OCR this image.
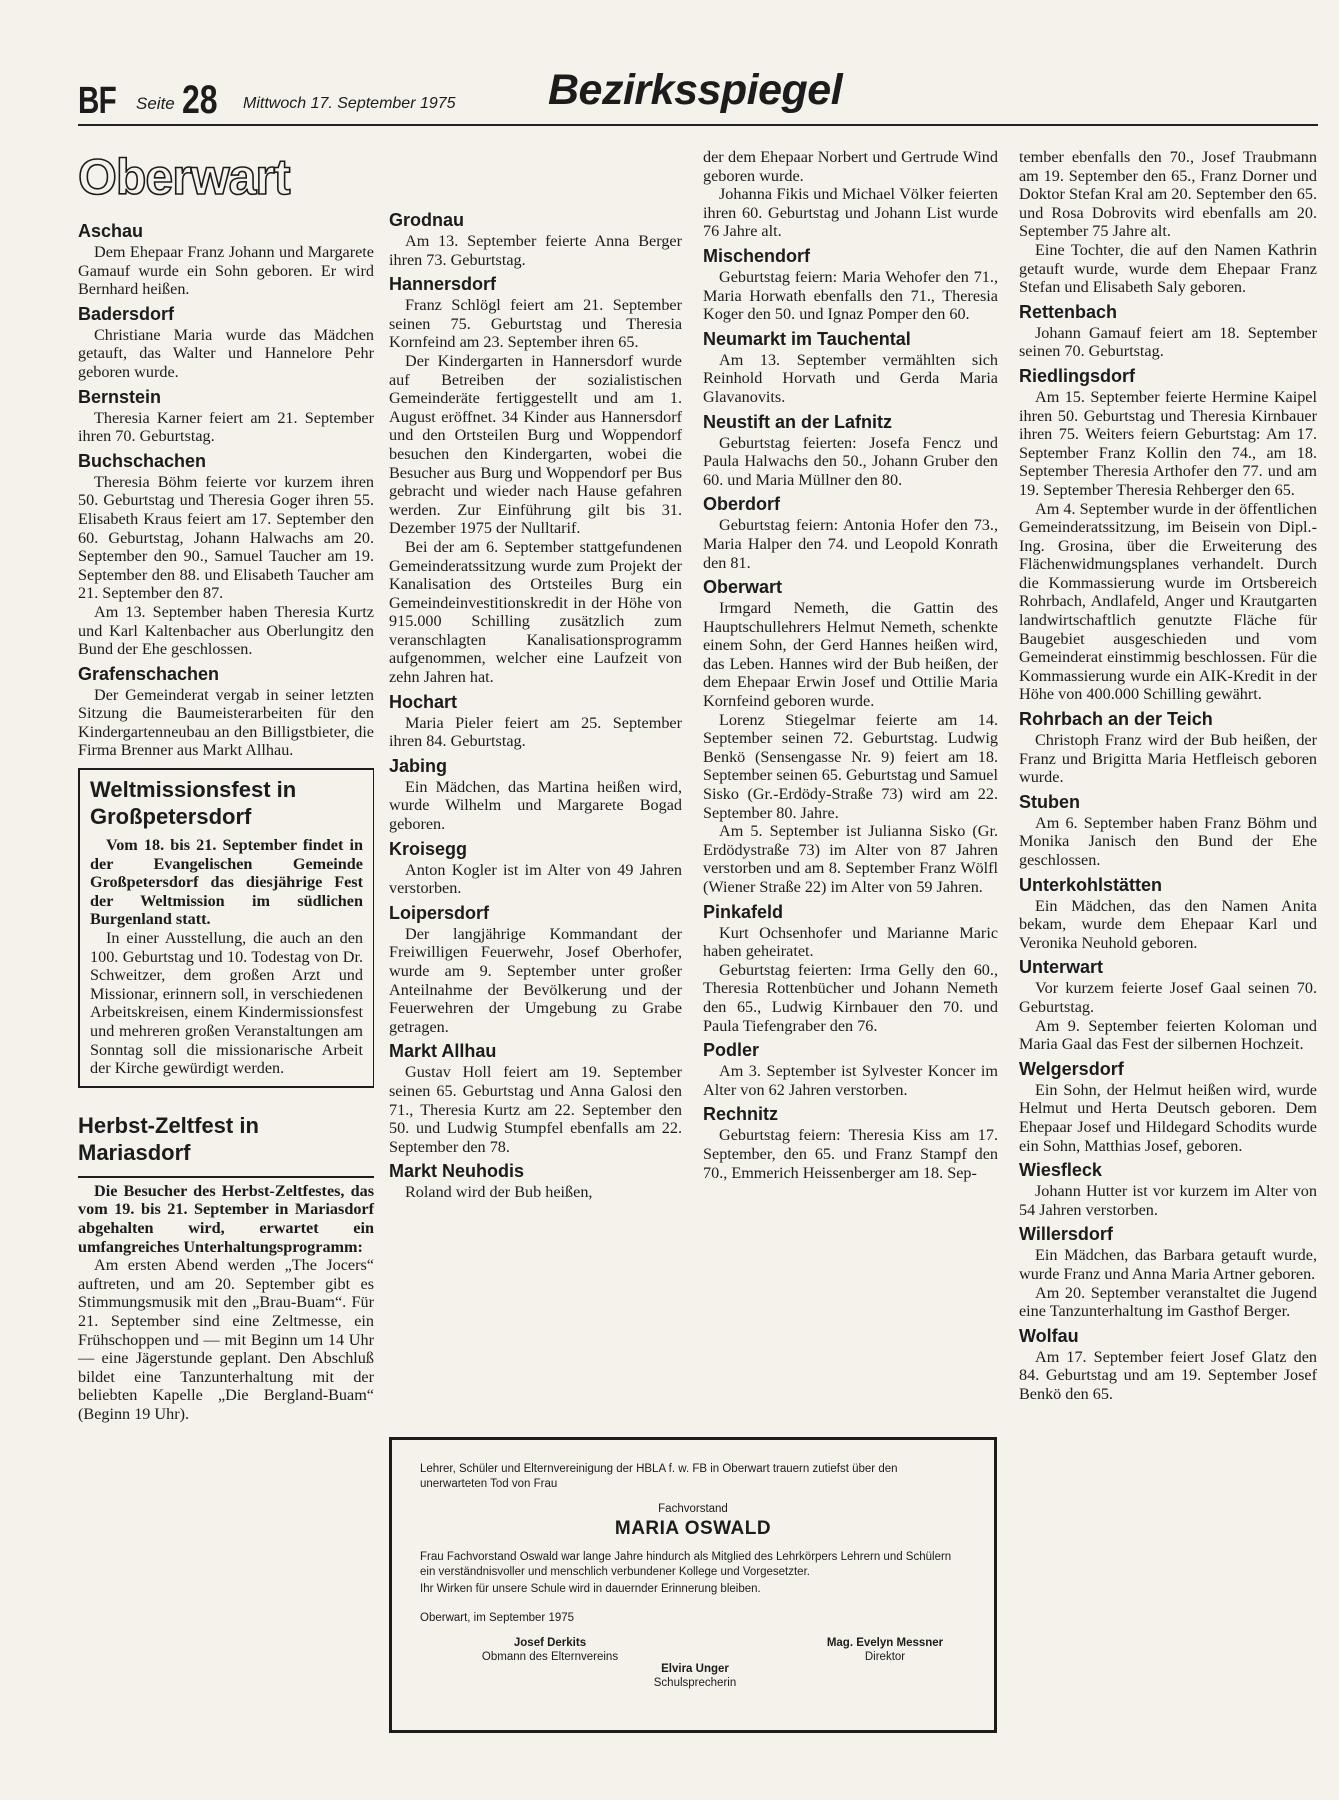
BF Seite 28 Mittwoch 17. September 1975 Bezirksspiegel
Oberwart
Aschau
Dem Ehepaar Franz Johann und Margarete Gamauf wurde ein Sohn geboren. Er wird Bernhard heißen.
Badersdorf
Christiane Maria wurde das Mädchen getauft, das Walter und Hannelore Pehr geboren wurde.
Bernstein
Theresia Karner feiert am 21. September ihren 70. Geburtstag.
Buchschachen
Theresia Böhm feierte vor kurzem ihren 50. Geburtstag und Theresia Goger ihren 55. Elisabeth Kraus feiert am 17. September den 60. Geburtstag, Johann Halwachs am 20. September den 90., Samuel Taucher am 19. September den 88. und Elisabeth Taucher am 21. September den 87.
Am 13. September haben Theresia Kurtz und Karl Kaltenbacher aus Oberlungitz den Bund der Ehe geschlossen.
Grafenschachen
Der Gemeinderat vergab in seiner letzten Sitzung die Baumeisterarbeiten für den Kindergartenneubau an den Billigstbieter, die Firma Brenner aus Markt Allhau.
Weltmissionsfest in Großpetersdorf
Vom 18. bis 21. September findet in der Evangelischen Gemeinde Großpetersdorf das diesjährige Fest der Weltmission im südlichen Burgenland statt.
In einer Ausstellung, die auch an den 100. Geburtstag und 10. Todestag von Dr. Schweitzer, dem großen Arzt und Missionar, erinnern soll, in verschiedenen Arbeitskreisen, einem Kindermissionsfest und mehreren großen Veranstaltungen am Sonntag soll die missionarische Arbeit der Kirche gewürdigt werden.
Herbst-Zeltfest in Mariasdorf
Die Besucher des Herbst-Zeltfestes, das vom 19. bis 21. September in Mariasdorf abgehalten wird, erwartet ein umfangreiches Unterhaltungsprogramm:
Am ersten Abend werden „The Jocers“ auftreten, und am 20. September gibt es Stimmungsmusik mit den „Brau-Buam“. Für 21. September sind eine Zeltmesse, ein Frühschoppen und — mit Beginn um 14 Uhr — eine Jägerstunde geplant. Den Abschluß bildet eine Tanzunterhaltung mit der beliebten Kapelle „Die Bergland-Buam“ (Beginn 19 Uhr).
Grodnau
Am 13. September feierte Anna Berger ihren 73. Geburtstag.
Hannersdorf
Franz Schlögl feiert am 21. September seinen 75. Geburtstag und Theresia Kornfeind am 23. September ihren 65.
Der Kindergarten in Hannersdorf wurde auf Betreiben der sozialistischen Gemeinderäte fertiggestellt und am 1. August eröffnet. 34 Kinder aus Hannersdorf und den Ortsteilen Burg und Woppendorf besuchen den Kindergarten, wobei die Besucher aus Burg und Woppendorf per Bus gebracht und wieder nach Hause gefahren werden. Zur Einführung gilt bis 31. Dezember 1975 der Nulltarif.
Bei der am 6. September stattgefundenen Gemeinderatssitzung wurde zum Projekt der Kanalisation des Ortsteiles Burg ein Gemeindeinvestitionskredit in der Höhe von 915.000 Schilling zusätzlich zum veranschlagten Kanalisationsprogramm aufgenommen, welcher eine Laufzeit von zehn Jahren hat.
Hochart
Maria Pieler feiert am 25. September ihren 84. Geburtstag.
Jabing
Ein Mädchen, das Martina heißen wird, wurde Wilhelm und Margarete Bogad geboren.
Kroisegg
Anton Kogler ist im Alter von 49 Jahren verstorben.
Loipersdorf
Der langjährige Kommandant der Freiwilligen Feuerwehr, Josef Oberhofer, wurde am 9. September unter großer Anteilnahme der Bevölkerung und der Feuerwehren der Umgebung zu Grabe getragen.
Markt Allhau
Gustav Holl feiert am 19. September seinen 65. Geburtstag und Anna Galosi den 71., Theresia Kurtz am 22. September den 50. und Ludwig Stumpfel ebenfalls am 22. September den 78.
Markt Neuhodis
Roland wird der Bub heißen,
der dem Ehepaar Norbert und Gertrude Wind geboren wurde.
Johanna Fikis und Michael Völker feierten ihren 60. Geburtstag und Johann List wurde 76 Jahre alt.
Mischendorf
Geburtstag feiern: Maria Wehofer den 71., Maria Horwath ebenfalls den 71., Theresia Koger den 50. und Ignaz Pomper den 60.
Neumarkt im Tauchental
Am 13. September vermählten sich Reinhold Horvath und Gerda Maria Glavanovits.
Neustift an der Lafnitz
Geburtstag feierten: Josefa Fencz und Paula Halwachs den 50., Johann Gruber den 60. und Maria Müllner den 80.
Oberdorf
Geburtstag feiern: Antonia Hofer den 73., Maria Halper den 74. und Leopold Konrath den 81.
Oberwart
Irmgard Nemeth, die Gattin des Hauptschullehrers Helmut Nemeth, schenkte einem Sohn, der Gerd Hannes heißen wird, das Leben. Hannes wird der Bub heißen, der dem Ehepaar Erwin Josef und Ottilie Maria Kornfeind geboren wurde.
Lorenz Stiegelmar feierte am 14. September seinen 72. Geburtstag. Ludwig Benkö (Sensengasse Nr. 9) feiert am 18. September seinen 65. Geburtstag und Samuel Sisko (Gr.-Erdödy-Straße 73) wird am 22. September 80. Jahre.
Am 5. September ist Julianna Sisko (Gr. Erdödystraße 73) im Alter von 87 Jahren verstorben und am 8. September Franz Wölfl (Wiener Straße 22) im Alter von 59 Jahren.
Pinkafeld
Kurt Ochsenhofer und Marianne Maric haben geheiratet.
Geburtstag feierten: Irma Gelly den 60., Theresia Rottenbücher und Johann Nemeth den 65., Ludwig Kirnbauer den 70. und Paula Tiefengraber den 76.
Podler
Am 3. September ist Sylvester Koncer im Alter von 62 Jahren verstorben.
Rechnitz
Geburtstag feiern: Theresia Kiss am 17. September, den 65. und Franz Stampf den 70., Emmerich Heissenberger am 18. Sep-
tember ebenfalls den 70., Josef Traubmann am 19. September den 65., Franz Dorner und Doktor Stefan Kral am 20. September den 65. und Rosa Dobrovits wird ebenfalls am 20. September 75 Jahre alt.
Eine Tochter, die auf den Namen Kathrin getauft wurde, wurde dem Ehepaar Franz Stefan und Elisabeth Saly geboren.
Rettenbach
Johann Gamauf feiert am 18. September seinen 70. Geburtstag.
Riedlingsdorf
Am 15. September feierte Hermine Kaipel ihren 50. Geburtstag und Theresia Kirnbauer ihren 75. Weiters feiern Geburtstag: Am 17. September Franz Kollin den 74., am 18. September Theresia Arthofer den 77. und am 19. September Theresia Rehberger den 65.
Am 4. September wurde in der öffentlichen Gemeinderatssitzung, im Beisein von Dipl.-Ing. Grosina, über die Erweiterung des Flächenwidmungsplanes verhandelt. Durch die Kommassierung wurde im Ortsbereich Rohrbach, Andlafeld, Anger und Krautgarten landwirtschaftlich genutzte Fläche für Baugebiet ausgeschieden und vom Gemeinderat einstimmig beschlossen. Für die Kommassierung wurde ein AIK-Kredit in der Höhe von 400.000 Schilling gewährt.
Rohrbach an der Teich
Christoph Franz wird der Bub heißen, der Franz und Brigitta Maria Hetfleisch geboren wurde.
Stuben
Am 6. September haben Franz Böhm und Monika Janisch den Bund der Ehe geschlossen.
Unterkohlstätten
Ein Mädchen, das den Namen Anita bekam, wurde dem Ehepaar Karl und Veronika Neuhold geboren.
Unterwart
Vor kurzem feierte Josef Gaal seinen 70. Geburtstag.
Am 9. September feierten Koloman und Maria Gaal das Fest der silbernen Hochzeit.
Welgersdorf
Ein Sohn, der Helmut heißen wird, wurde Helmut und Herta Deutsch geboren. Dem Ehepaar Josef und Hildegard Schodits wurde ein Sohn, Matthias Josef, geboren.
Wiesfleck
Johann Hutter ist vor kurzem im Alter von 54 Jahren verstorben.
Willersdorf
Ein Mädchen, das Barbara getauft wurde, wurde Franz und Anna Maria Artner geboren.
Am 20. September veranstaltet die Jugend eine Tanzunterhaltung im Gasthof Berger.
Wolfau
Am 17. September feiert Josef Glatz den 84. Geburtstag und am 19. September Josef Benkö den 65.
Lehrer, Schüler und Elternvereinigung der HBLA f. w. FB in Oberwart trauern zutiefst über den unerwarteten Tod von Frau
Fachvorstand
MARIA OSWALD
Frau Fachvorstand Oswald war lange Jahre hindurch als Mitglied des Lehrkörpers Lehrern und Schülern ein verständnisvoller und menschlich verbundener Kollege und Vorgesetzter.
Ihr Wirken für unsere Schule wird in dauernder Erinnerung bleiben.
Oberwart, im September 1975
Josef Derkits
Obmann des Elternvereins
Mag. Evelyn Messner
Direktor
Elvira Unger
Schulsprecherin
